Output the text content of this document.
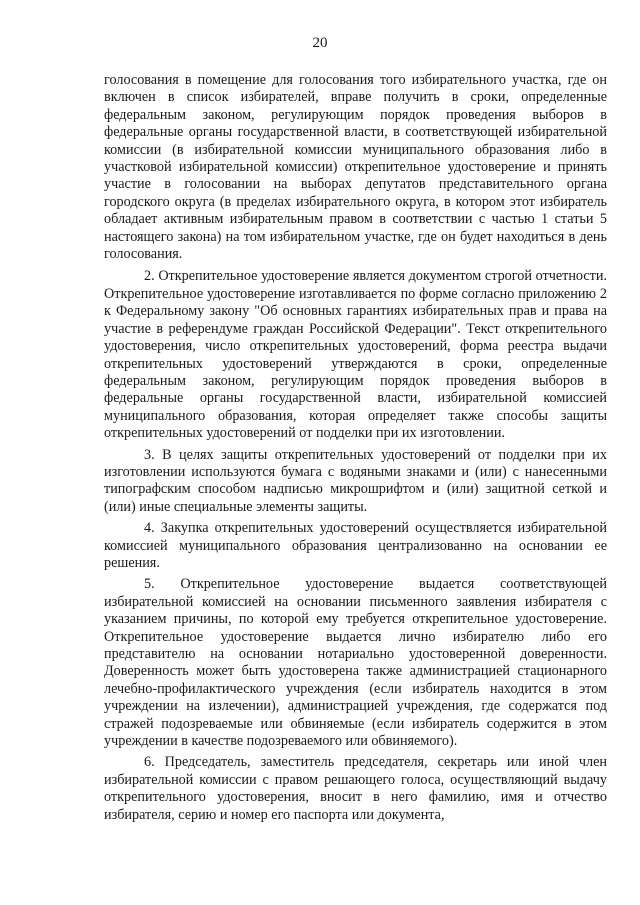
20

голосования в помещение для голосования того избирательного участка, где он включен в список избирателей, вправе получить в сроки, определенные федеральным законом, регулирующим порядок проведения выборов в федеральные органы государственной власти, в соответствующей избирательной комиссии (в избирательной комиссии муниципального образования либо в участковой избирательной комиссии) открепительное удостоверение и принять участие в голосовании на выборах депутатов представительного органа городского округа (в пределах избирательного округа, в котором этот избиратель обладает активным избирательным правом в соответствии с частью 1 статьи 5 настоящего закона) на том избирательном участке, где он будет находиться в день голосования.

2. Открепительное удостоверение является документом строгой отчетности. Открепительное удостоверение изготавливается по форме согласно приложению 2 к Федеральному закону "Об основных гарантиях избирательных прав и права на участие в референдуме граждан Российской Федерации". Текст открепительного удостоверения, число открепительных удостоверений, форма реестра выдачи открепительных удостоверений утверждаются в сроки, определенные федеральным законом, регулирующим порядок проведения выборов в федеральные органы государственной власти, избирательной комиссией муниципального образования, которая определяет также способы защиты открепительных удостоверений от подделки при их изготовлении.

3. В целях защиты открепительных удостоверений от подделки при их изготовлении используются бумага с водяными знаками и (или) с нанесенными типографским способом надписью микрошрифтом и (или) защитной сеткой и (или) иные специальные элементы защиты.

4. Закупка открепительных удостоверений осуществляется избирательной комиссией муниципального образования централизованно на основании ее решения.

5. Открепительное удостоверение выдается соответствующей избирательной комиссией на основании письменного заявления избирателя с указанием причины, по которой ему требуется открепительное удостоверение. Открепительное удостоверение выдается лично избирателю либо его представителю на основании нотариально удостоверенной доверенности. Доверенность может быть удостоверена также администрацией стационарного лечебно-профилактического учреждения (если избиратель находится в этом учреждении на излечении), администрацией учреждения, где содержатся под стражей подозреваемые или обвиняемые (если избиратель содержится в этом учреждении в качестве подозреваемого или обвиняемого).

6. Председатель, заместитель председателя, секретарь или иной член избирательной комиссии с правом решающего голоса, осуществляющий выдачу открепительного удостоверения, вносит в него фамилию, имя и отчество избирателя, серию и номер его паспорта или документа,
